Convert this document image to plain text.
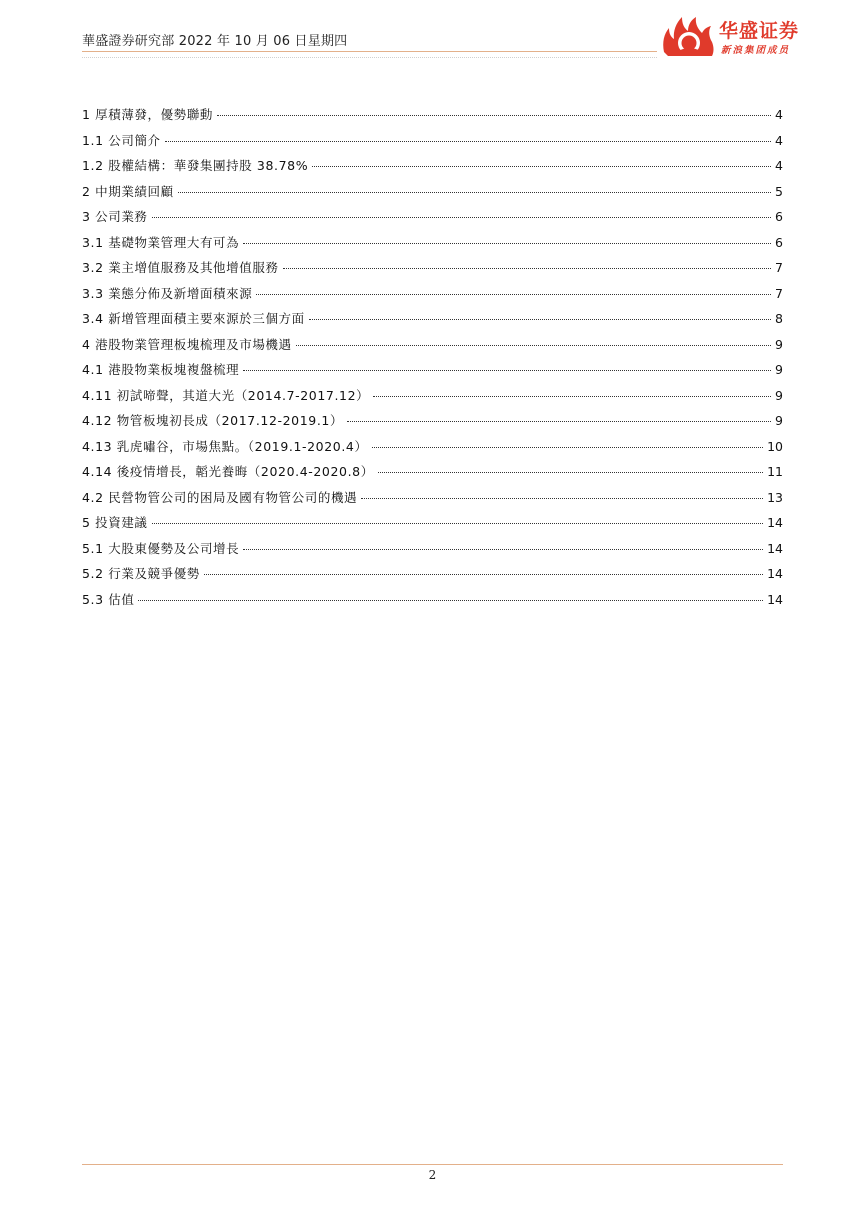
華盛證券研究部 2022 年 10 月 06 日星期四	华盛证券
新浪集团成员
1 厚積薄發，優勢聯動	4
1.1 公司簡介	4
1.2 股權結構：華發集團持股 38.78%	4
2 中期業績回顧	5
3 公司業務	6
3.1 基礎物業管理大有可為	6
3.2 業主增值服務及其他增值服務	7
3.3 業態分佈及新增面積來源	7
3.4 新增管理面積主要來源於三個方面	8
4 港股物業管理板塊梳理及市場機遇	9
4.1 港股物業板塊複盤梳理	9
4.11 初試啼聲，其道大光（2014.7-2017.12）	9
4.12 物管板塊初長成（2017.12-2019.1）	9
4.13 乳虎嘯谷，市場焦點。（2019.1-2020.4）	10
4.14 後疫情增長，韜光養晦（2020.4-2020.8）	11
4.2 民營物管公司的困局及國有物管公司的機遇	13
5 投資建議	14
5.1 大股東優勢及公司增長	14
5.2 行業及競爭優勢	14
5.3 估值	14
2
